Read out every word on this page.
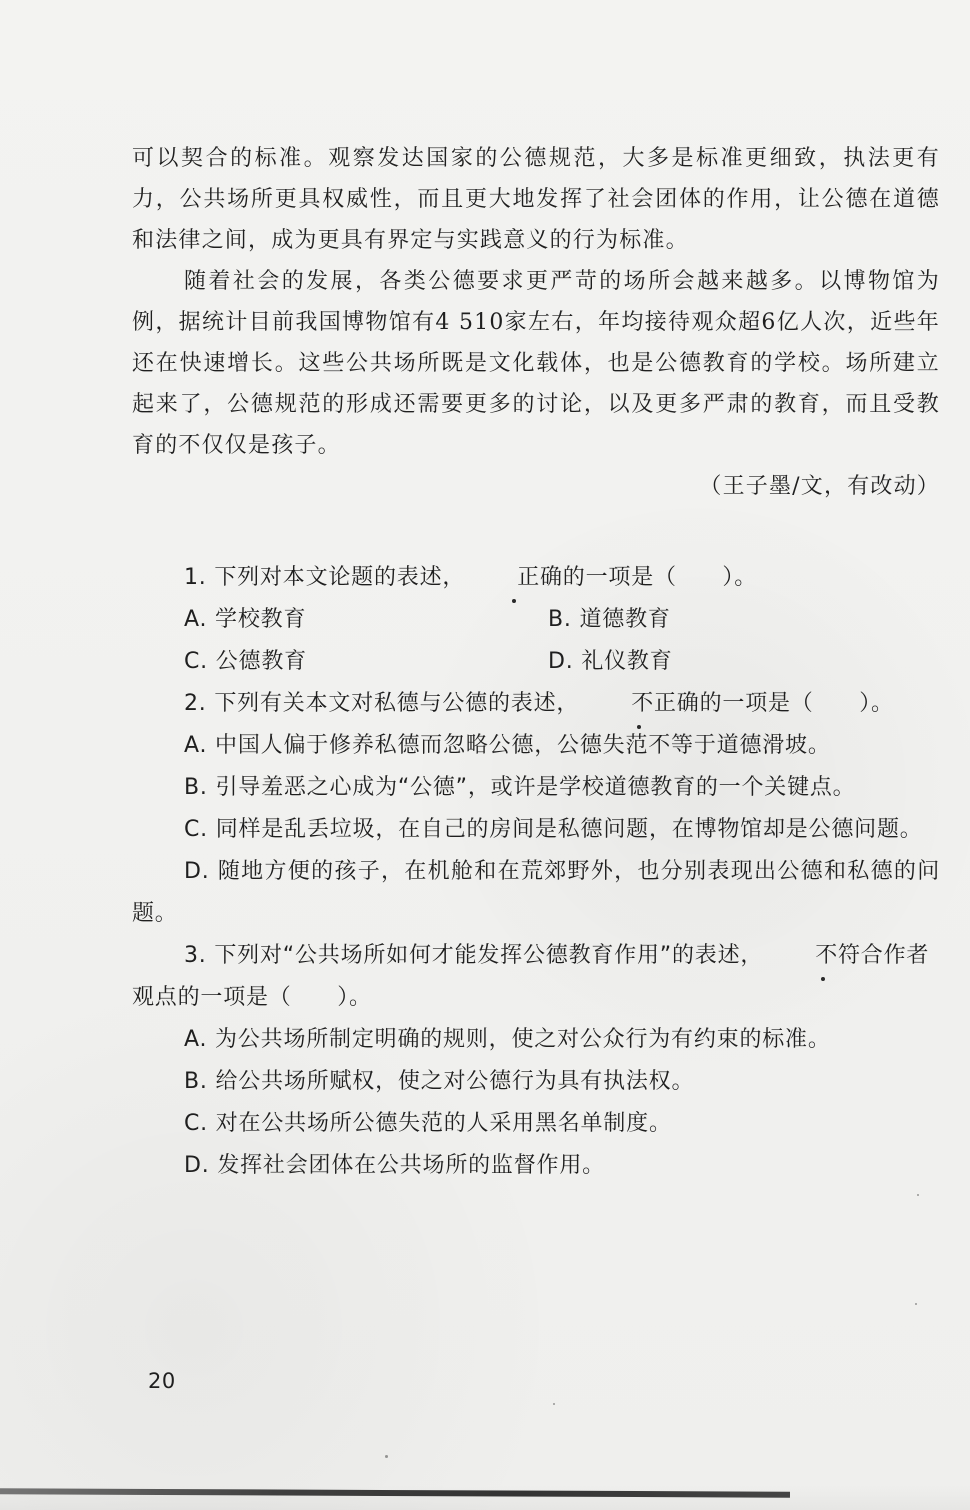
可以契合的标准。观察发达国家的公德规范，大多是标准更细致，执法更有力，公共场所更具权威性，而且更大地发挥了社会团体的作用，让公德在道德和法律之间，成为更具有界定与实践意义的行为标准。

随着社会的发展，各类公德要求更严苛的场所会越来越多。以博物馆为例，据统计目前我国博物馆有4 510家左右，年均接待观众超6亿人次，近些年还在快速增长。这些公共场所既是文化载体，也是公德教育的学校。场所建立起来了，公德规范的形成还需要更多的讨论，以及更多严肃的教育，而且受教育的不仅仅是孩子。

（王子墨/文，有改动）

1. 下列对本文论题的表述， 正确的一项是（　　）。

A. 学校教育	B. 道德教育
C. 公德教育	D. 礼仪教育

2. 下列有关本文对私德与公德的表述， 不正确的一项是（　　）。

A. 中国人偏于修养私德而忽略公德，公德失范不等于道德滑坡。

B. 引导羞恶之心成为“公德”，或许是学校道德教育的一个关键点。

C. 同样是乱丢垃圾，在自己的房间是私德问题，在博物馆却是公德问题。

D. 随地方便的孩子，在机舱和在荒郊野外，也分别表现出公德和私德的问题。

3. 下列对“公共场所如何才能发挥公德教育作用”的表述， 不符合作者观点的一项是（　　）。

A. 为公共场所制定明确的规则，使之对公众行为有约束的标准。

B. 给公共场所赋权，使之对公德行为具有执法权。

C. 对在公共场所公德失范的人采用黑名单制度。

D. 发挥社会团体在公共场所的监督作用。

20
